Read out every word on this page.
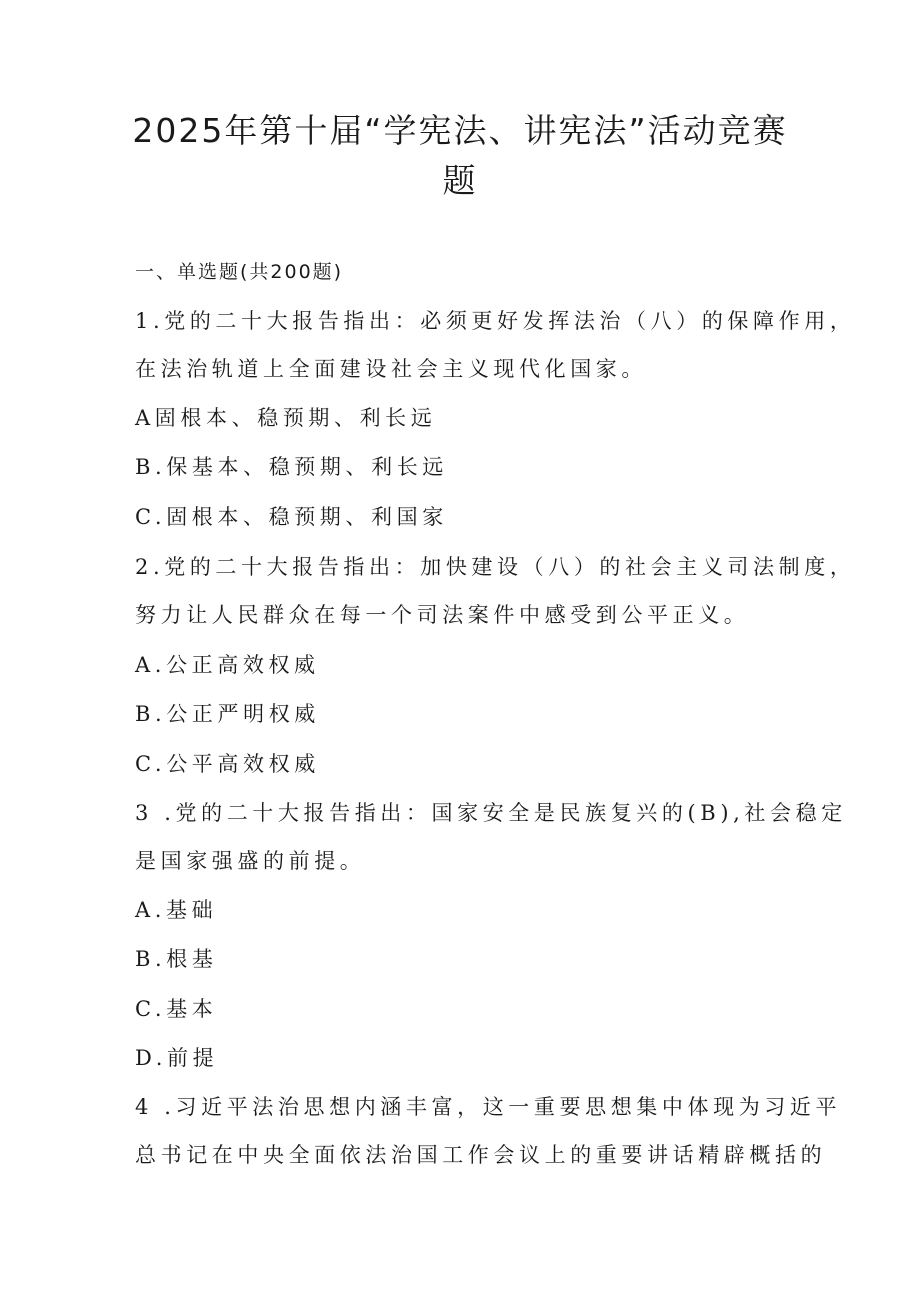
2025年第十届“学宪法、讲宪法”活动竞赛
题

一、单选题(共200题)

1.党的二十大报告指出：必须更好发挥法治（八）的保障作用，

在法治轨道上全面建设社会主义现代化国家。

A固根本、稳预期、利长远

B.保基本、稳预期、利长远

C.固根本、稳预期、利国家

2.党的二十大报告指出：加快建设（八）的社会主义司法制度，

努力让人民群众在每一个司法案件中感受到公平正义。

A.公正高效权威

B.公正严明权威

C.公平高效权威

3 .党的二十大报告指出：国家安全是民族复兴的(B),社会稳定

是国家强盛的前提。

A.基础

B.根基

C.基本

D.前提

4 .习近平法治思想内涵丰富，这一重要思想集中体现为习近平

总书记在中央全面依法治国工作会议上的重要讲话精辟概括的
